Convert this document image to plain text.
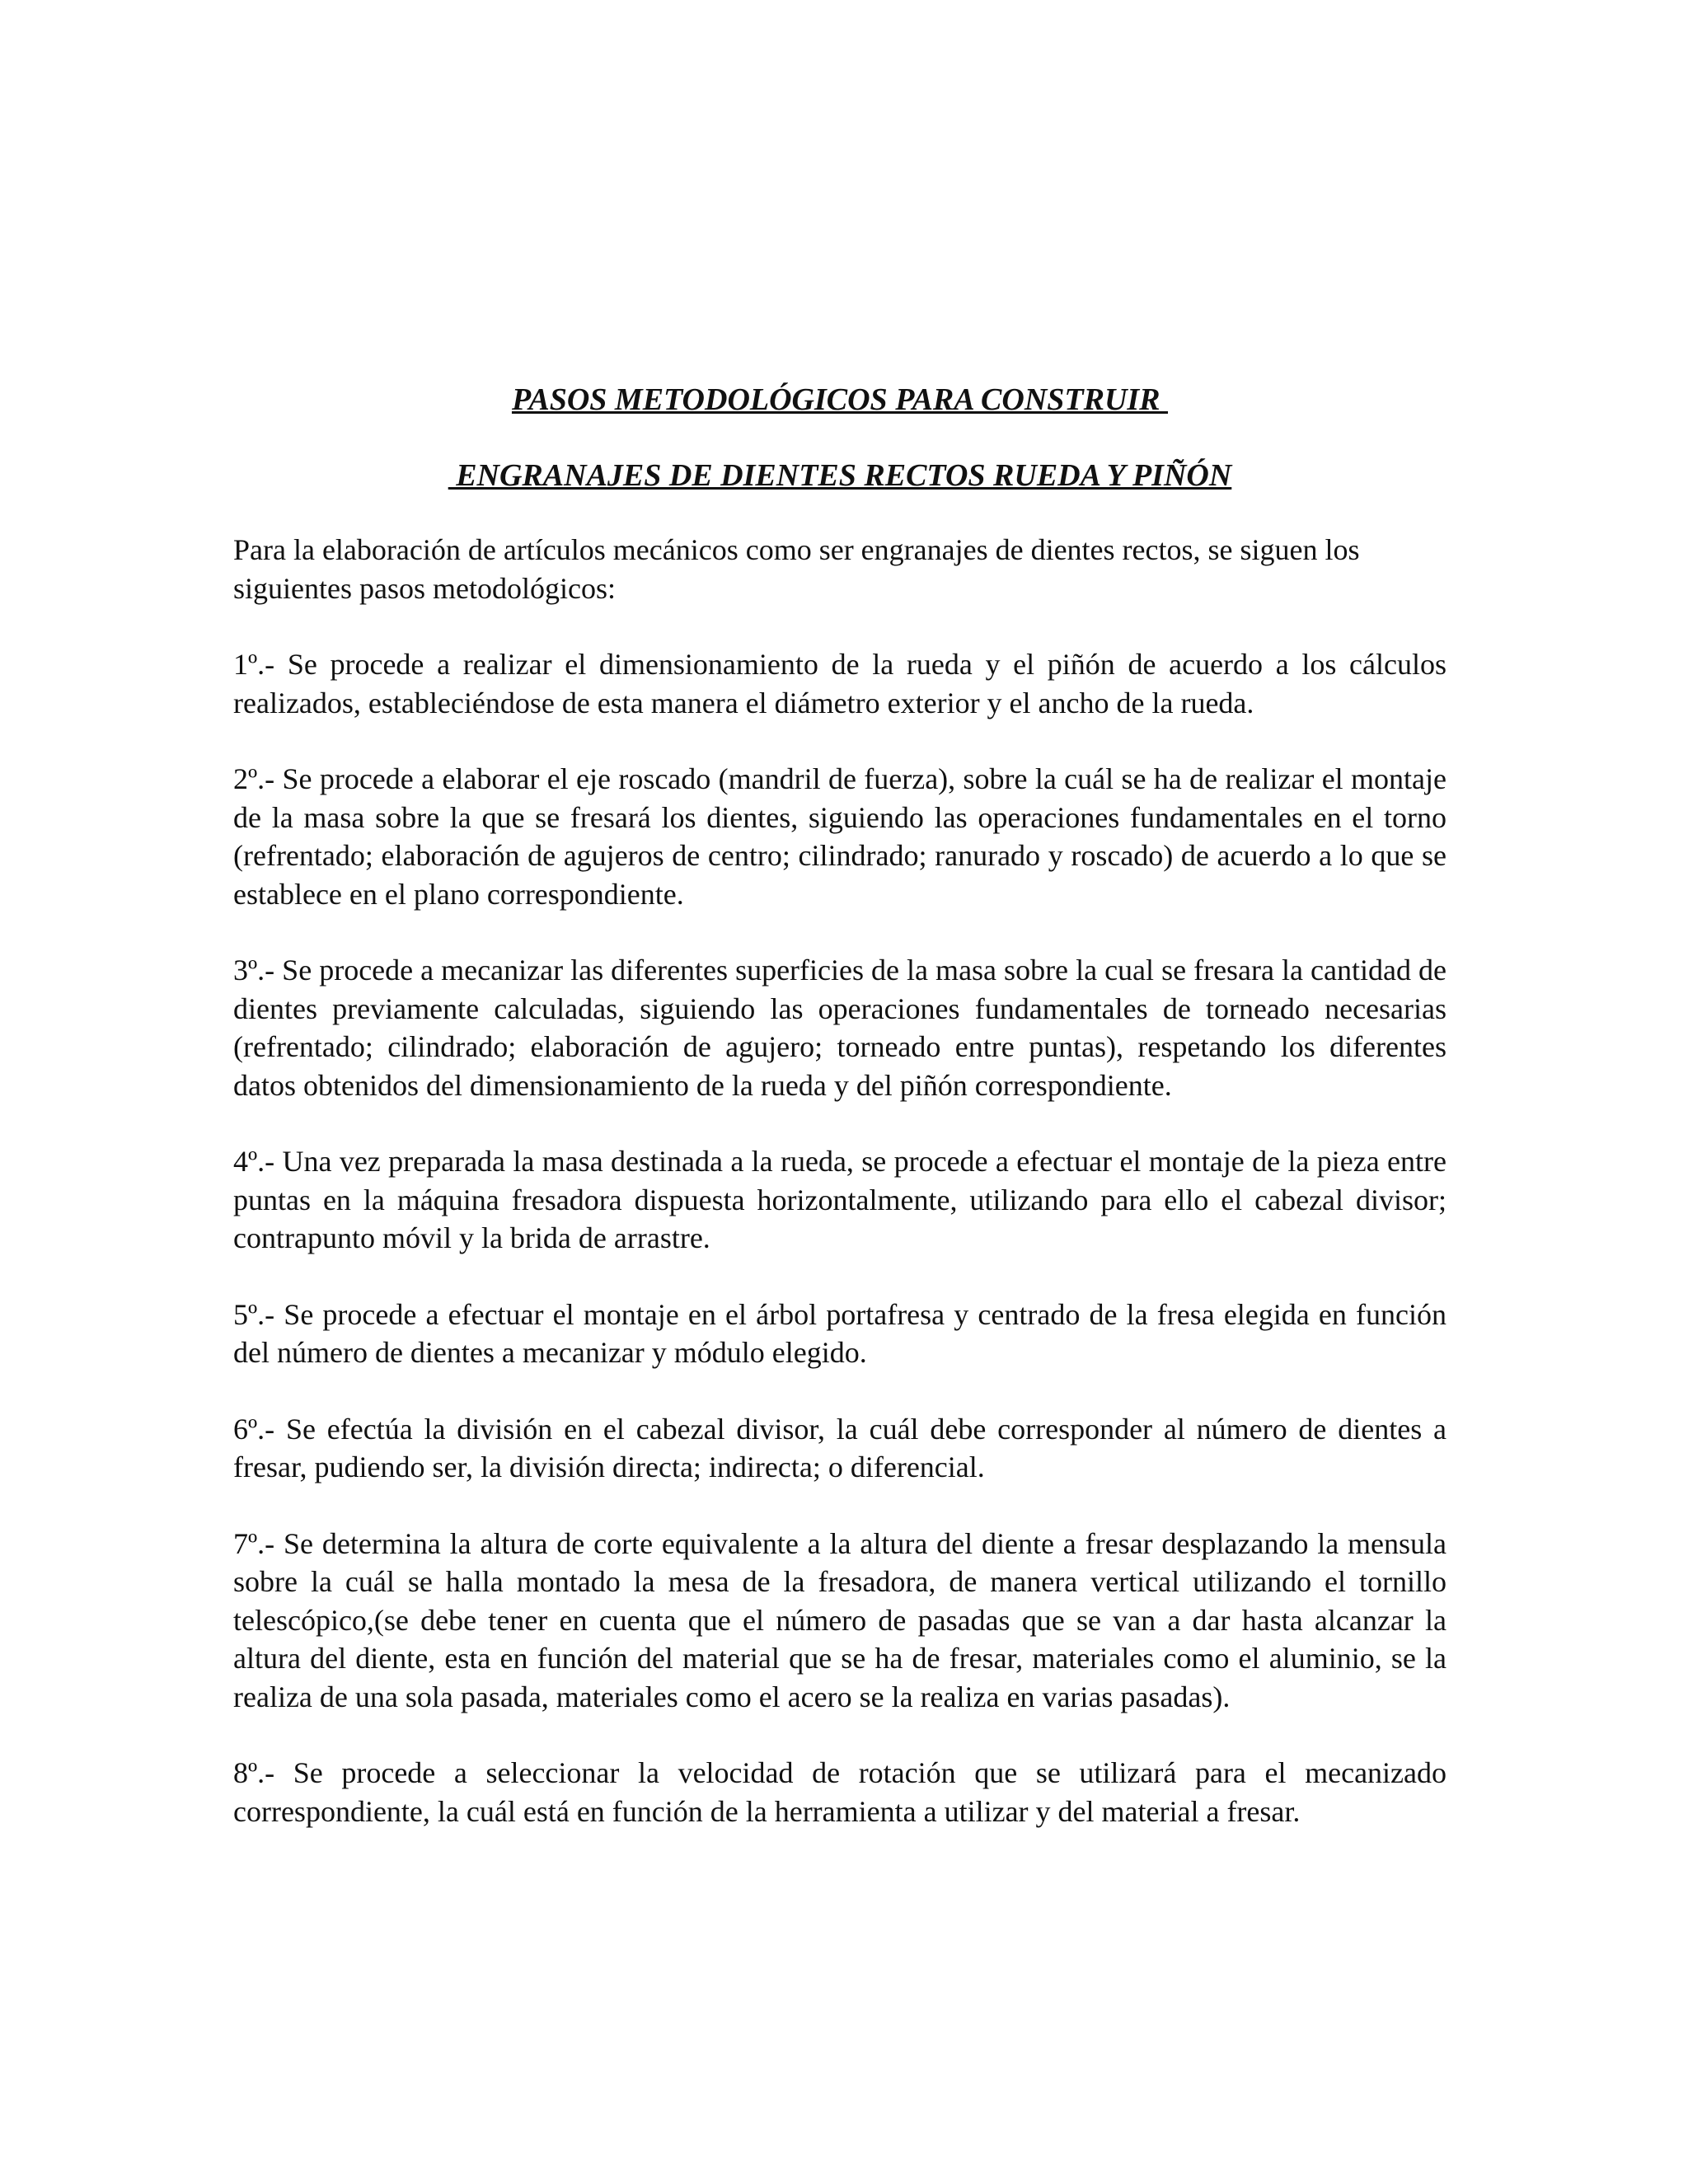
PASOS METODOLÓGICOS PARA CONSTRUIR
ENGRANAJES DE DIENTES RECTOS RUEDA Y PIÑÓN

Para la elaboración de artículos mecánicos como ser engranajes de dientes rectos, se siguen los siguientes pasos metodológicos:

1º.- Se procede a realizar el dimensionamiento de la rueda y el piñón de acuerdo a los cálculos realizados, estableciéndose de esta manera el diámetro exterior y el ancho de la rueda.

2º.- Se procede a elaborar el eje roscado (mandril de fuerza), sobre la cuál se ha de realizar el montaje de la masa sobre la que se fresará los dientes, siguiendo las operaciones fundamentales en el torno (refrentado; elaboración de agujeros de centro; cilindrado; ranurado y roscado) de acuerdo a lo que se establece en el plano correspondiente.

3º.- Se procede a mecanizar las diferentes superficies de la masa sobre la cual se fresara la cantidad de dientes previamente calculadas, siguiendo las operaciones fundamentales de torneado necesarias (refrentado; cilindrado; elaboración de agujero; torneado entre puntas), respetando los diferentes datos obtenidos del dimensionamiento de la rueda y del piñón correspondiente.

4º.- Una vez preparada la masa destinada a la rueda, se procede a efectuar el montaje de la pieza entre puntas en la máquina fresadora dispuesta horizontalmente, utilizando para ello el cabezal divisor; contrapunto móvil y la brida de arrastre.

5º.- Se procede a efectuar el montaje en el árbol portafresa y centrado de la fresa elegida en función del número de dientes a mecanizar y módulo elegido.

6º.- Se efectúa la división en el cabezal divisor, la cuál debe corresponder al número de dientes a fresar, pudiendo ser, la división directa; indirecta; o diferencial.

7º.- Se determina la altura de corte equivalente a la altura del diente a fresar desplazando la mensula sobre la cuál se halla montado la mesa de la fresadora, de manera vertical utilizando el tornillo telescópico,(se debe tener en cuenta que el número de pasadas que se van a dar hasta alcanzar la altura del diente, esta en función del material que se ha de fresar, materiales como el aluminio, se la realiza de una sola pasada, materiales como el acero se la realiza en varias pasadas).

8º.- Se procede a seleccionar la velocidad de rotación que se utilizará para el mecanizado correspondiente, la cuál está en función de la herramienta a utilizar y del material a fresar.
